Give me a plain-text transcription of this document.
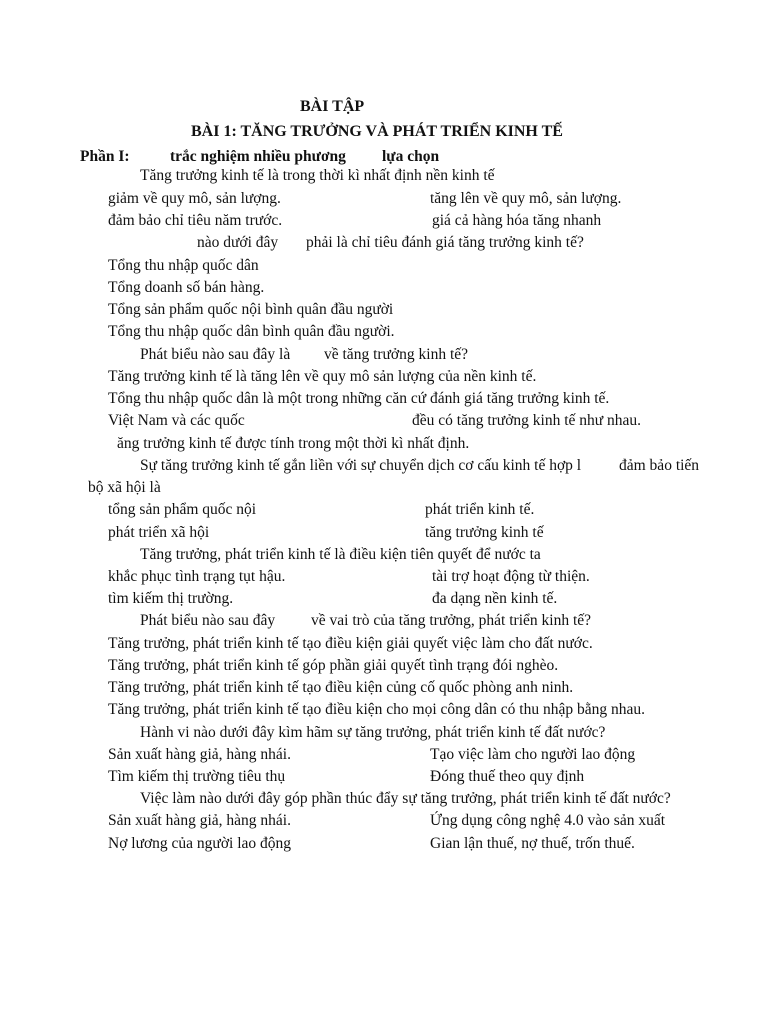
BÀI TẬP
BÀI 1: TĂNG TRƯỞNG VÀ PHÁT TRIỂN KINH TẾ
Phần I:	trắc nghiệm nhiều phương lựa chọn
Tăng trưởng kinh tế là trong thời kì nhất định nền kinh tế
giảm về quy mô, sản lượng.	tăng lên về quy mô, sản lượng.
đảm bảo chỉ tiêu năm trước.	giá cả hàng hóa tăng nhanh
nào dưới đây phải là chỉ tiêu đánh giá tăng trưởng kinh tế?
Tổng thu nhập quốc dân
Tổng doanh số bán hàng.
Tổng sản phẩm quốc nội bình quân đầu người
Tổng thu nhập quốc dân bình quân đầu người.
Phát biểu nào sau đây là về tăng trưởng kinh tế?
Tăng trưởng kinh tế là tăng lên về quy mô sản lượng của nền kinh tế.
Tổng thu nhập quốc dân là một trong những căn cứ đánh giá tăng trưởng kinh tế.
Việt Nam và các quốc	đều có tăng trưởng kinh tế như nhau.
ăng trưởng kinh tế được tính trong một thời kì nhất định.
Sự tăng trưởng kinh tế gắn liền với sự chuyển dịch cơ cấu kinh tế hợp l đảm bảo tiến
bộ xã hội là
tổng sản phẩm quốc nội	phát triển kinh tế.
phát triển xã hội	tăng trưởng kinh tế
Tăng trưởng, phát triển kinh tế là điều kiện tiên quyết để nước ta
khắc phục tình trạng tụt hậu.	tài trợ hoạt động từ thiện.
tìm kiếm thị trường.	đa dạng nền kinh tế.
Phát biểu nào sau đây về vai trò của tăng trưởng, phát triển kinh tế?
Tăng trưởng, phát triển kinh tế tạo điều kiện giải quyết việc làm cho đất nước.
Tăng trưởng, phát triển kinh tế góp phần giải quyết tình trạng đói nghèo.
Tăng trưởng, phát triển kinh tế tạo điều kiện củng cố quốc phòng anh ninh.
Tăng trưởng, phát triển kinh tế tạo điều kiện cho mọi công dân có thu nhập bằng nhau.
Hành vi nào dưới đây kìm hãm sự tăng trưởng, phát triển kinh tế đất nước?
Sản xuất hàng giả, hàng nhái.	Tạo việc làm cho người lao động
Tìm kiếm thị trường tiêu thụ	Đóng thuế theo quy định
Việc làm nào dưới đây góp phần thúc đẩy sự tăng trưởng, phát triển kinh tế đất nước?
Sản xuất hàng giả, hàng nhái.	Ứng dụng công nghệ 4.0 vào sản xuất
Nợ lương của người lao động	Gian lận thuế, nợ thuế, trốn thuế.
